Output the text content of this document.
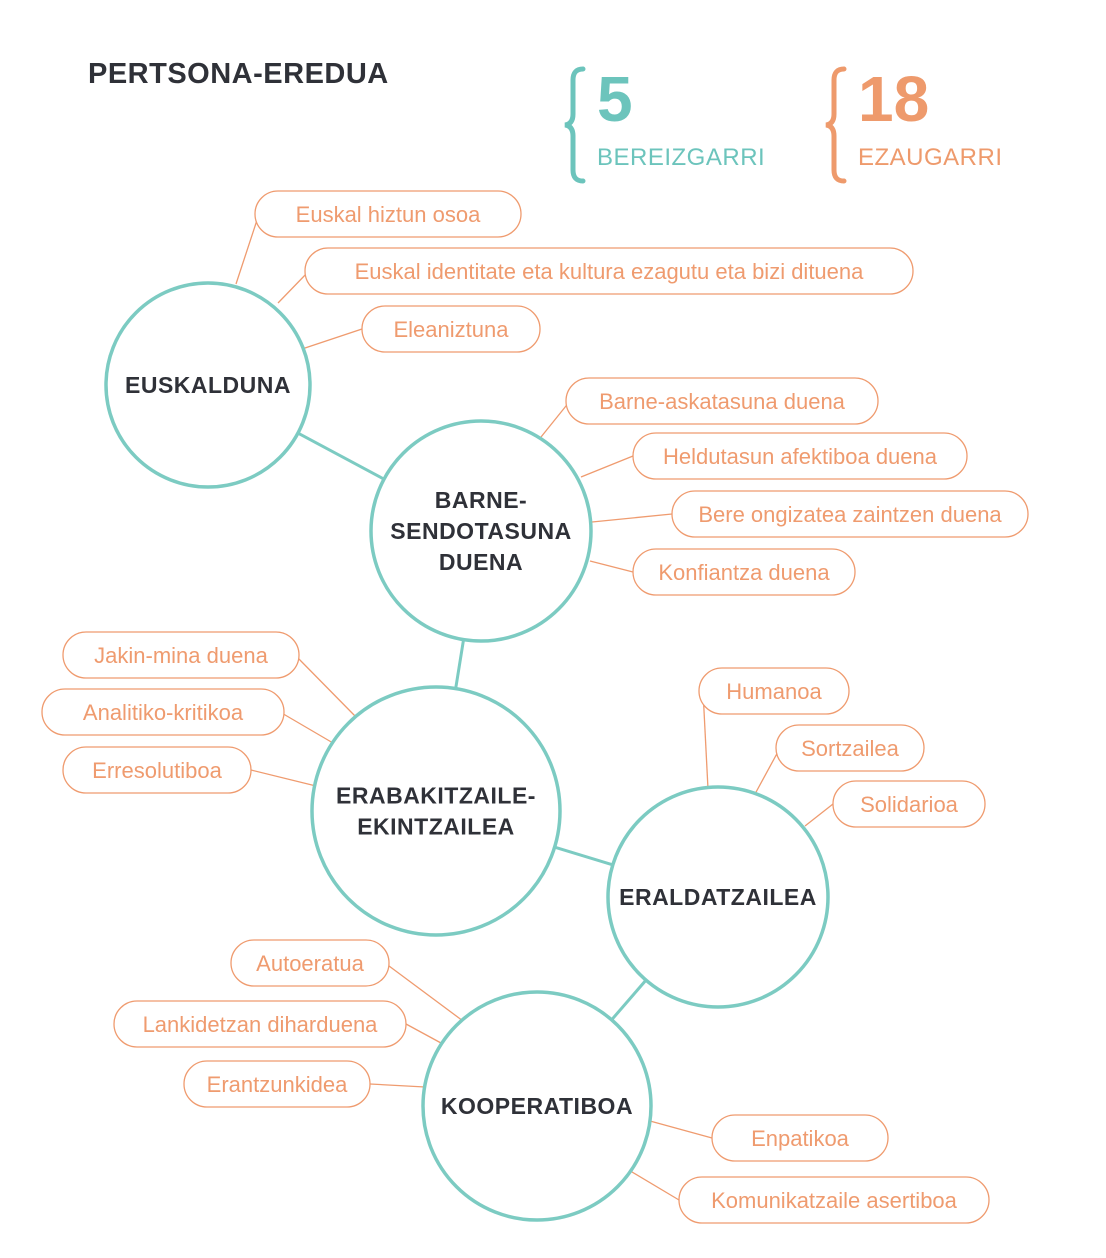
PERTSONA-EREDUA	5
BEREIZGARRI
18
EZAUGARRI
Euskal hiztun osoa
Euskal identitate eta kultura ezagutu eta bizi dituena
Eleaniztuna
Barne-askatasuna duena
Heldutasun afektiboa duena
Bere ongizatea zaintzen duena
Konfiantza duena
Jakin-mina duena
Analitiko-kritikoa
Erresolutiboa
Humanoa
Sortzailea
Solidarioa
Autoeratua
Lankidetzan diharduena
Erantzunkidea
Enpatikoa
Komunikatzaile asertiboa
EUSKALDUNA
BARNE-
SENDOTASUNA
DUENA
ERABAKITZAILE-
EKINTZAILEA
ERALDATZAILEA
KOOPERATIBOA
